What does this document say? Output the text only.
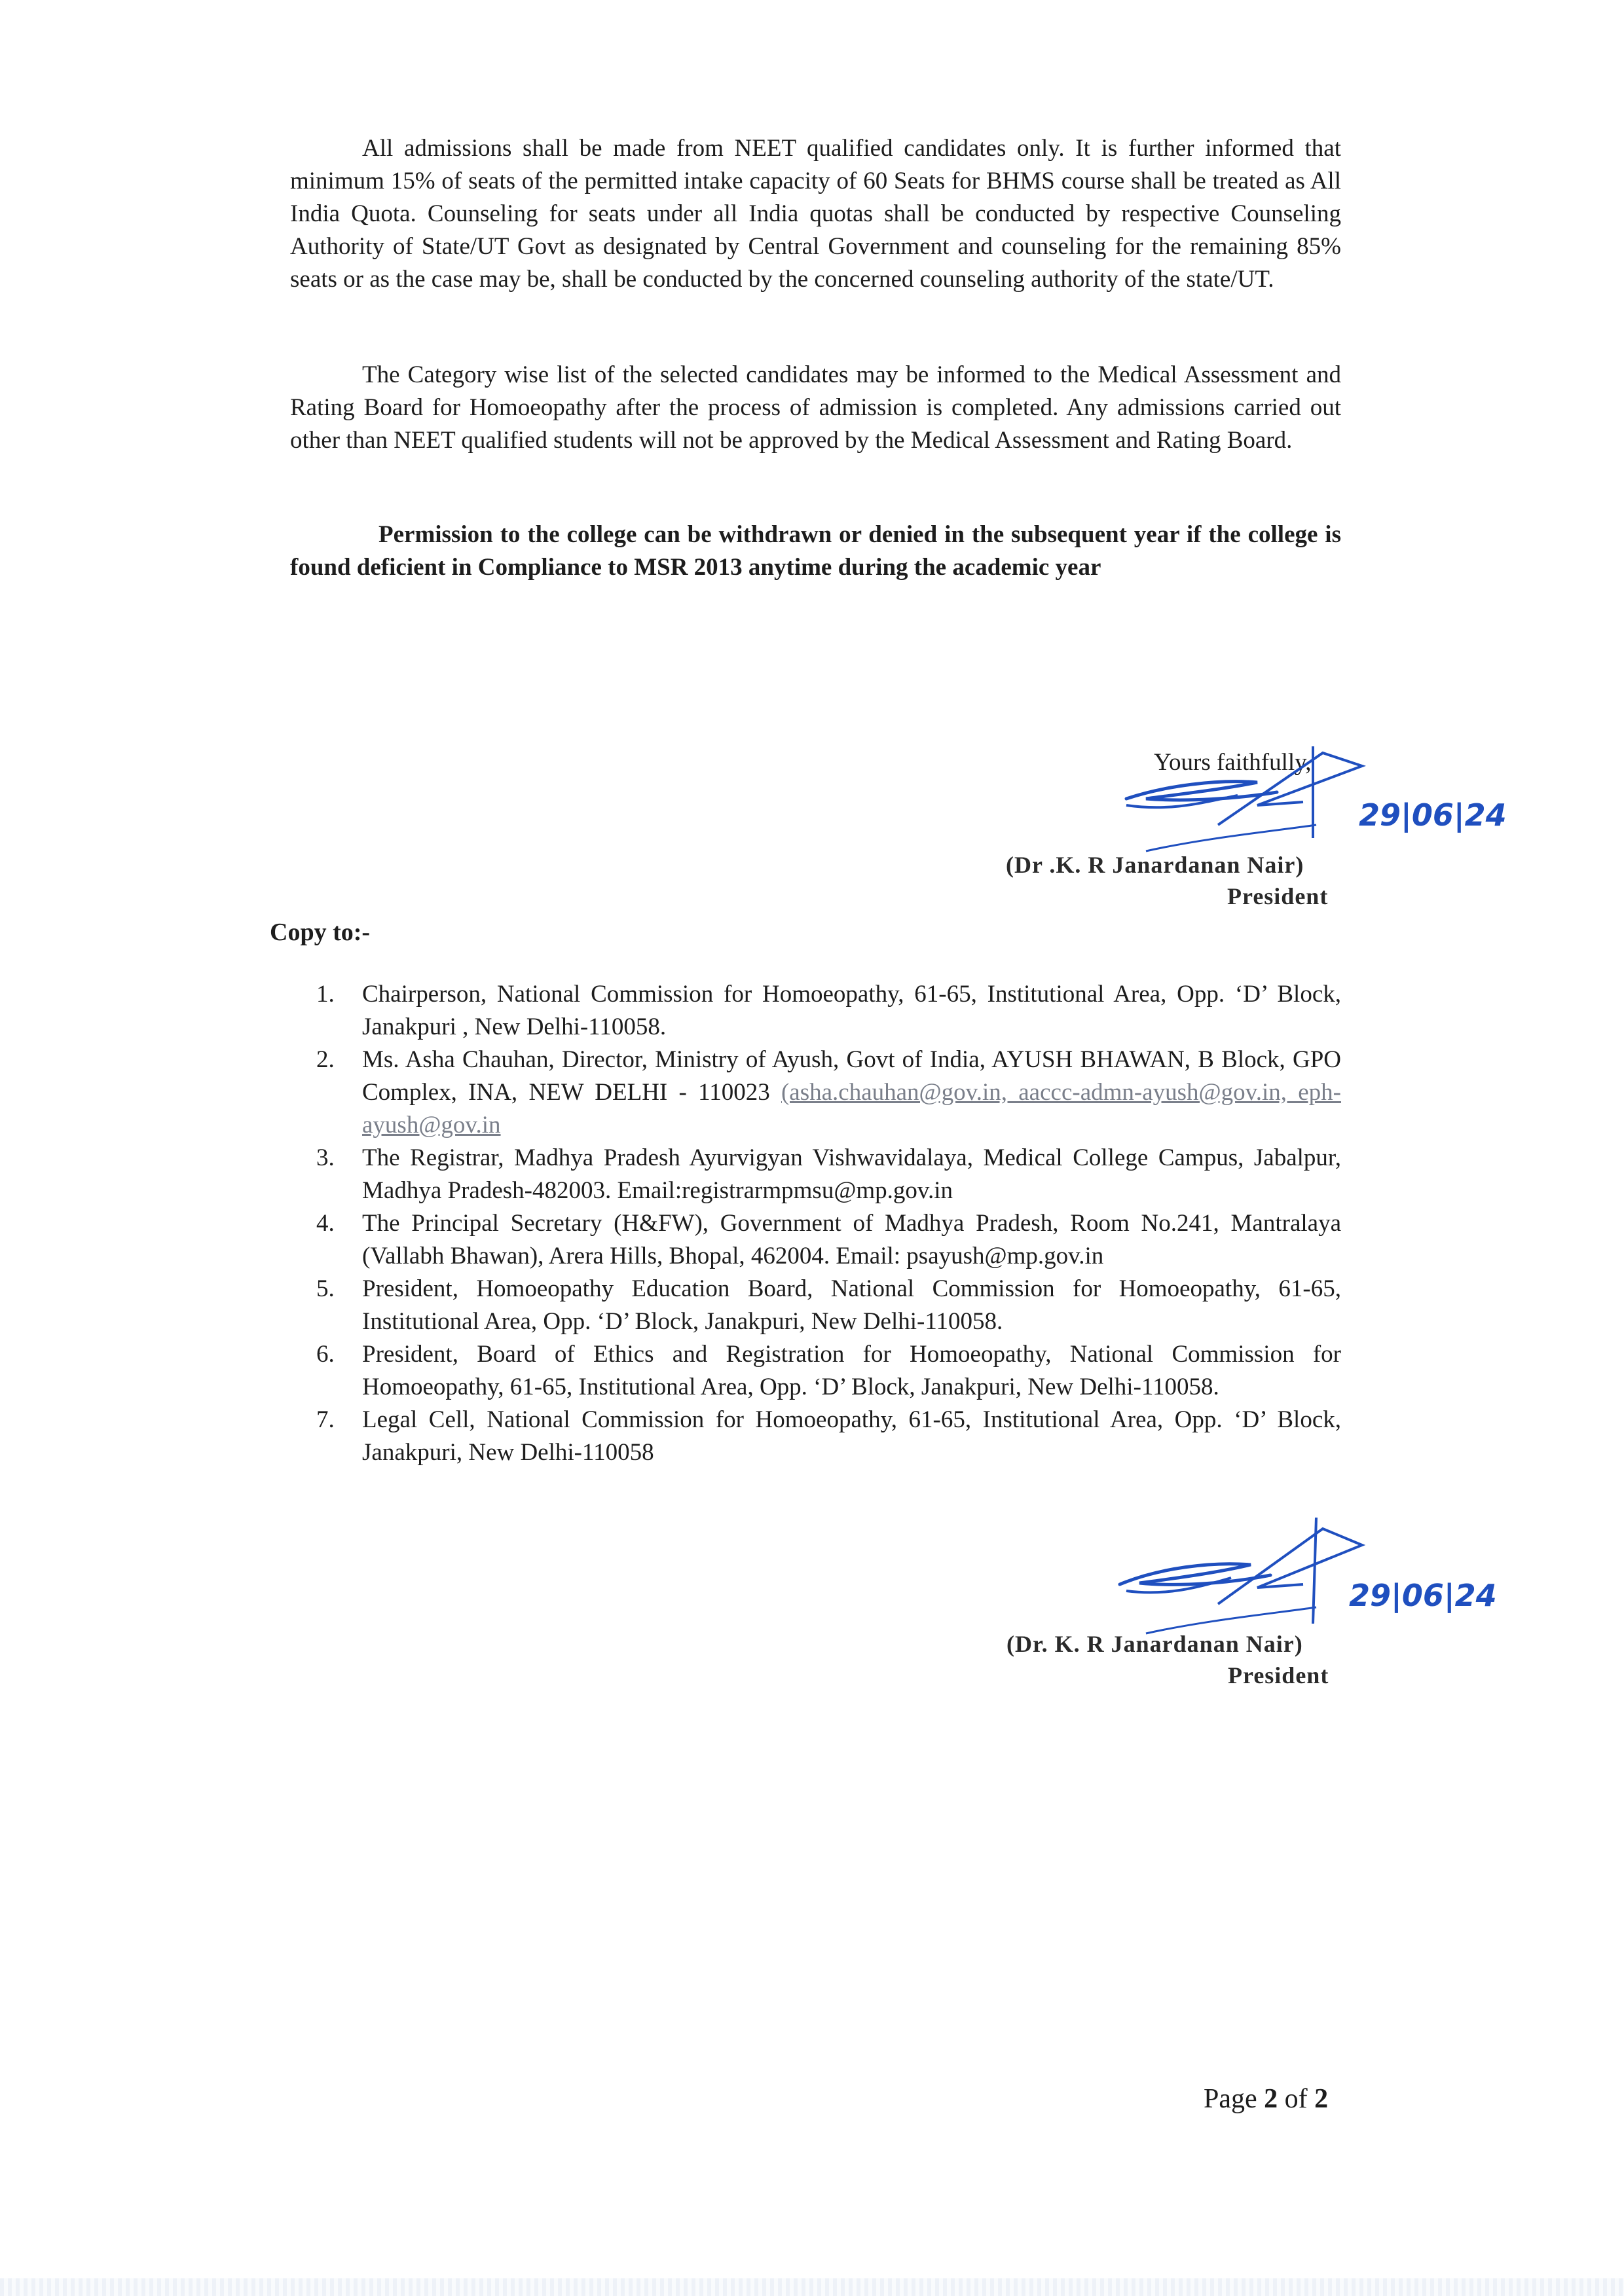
All admissions shall be made from NEET qualified candidates only. It is further informed that minimum 15% of seats of the permitted intake capacity of 60 Seats for BHMS course shall be treated as All India Quota. Counseling for seats under all India quotas shall be conducted by respective Counseling Authority of State/UT Govt as designated by Central Government and counseling for the remaining 85% seats or as the case may be, shall be conducted by the concerned counseling authority of the state/UT.

The Category wise list of the selected candidates may be informed to the Medical Assessment and Rating Board for Homoeopathy after the process of admission is completed. Any admissions carried out other than NEET qualified students will not be approved by the Medical Assessment and Rating Board.

Permission to the college can be withdrawn or denied in the subsequent year if the college is found deficient in Compliance to MSR 2013 anytime during the academic year

Yours faithfully,
29|06|24
(Dr .K. R Janardanan Nair)
President
Copy to:-
1. Chairperson, National Commission for Homoeopathy, 61-65, Institutional Area, Opp. ‘D’ Block, Janakpuri , New Delhi-110058.
2. Ms. Asha Chauhan, Director, Ministry of Ayush, Govt of India, AYUSH BHAWAN, B Block, GPO Complex, INA, NEW DELHI - 110023 (asha.chauhan@gov.in, aaccc-admn-ayush@gov.in, eph-ayush@gov.in
3. The Registrar, Madhya Pradesh Ayurvigyan Vishwavidalaya, Medical College Campus, Jabalpur, Madhya Pradesh-482003. Email:registrarmpmsu@mp.gov.in
4. The Principal Secretary (H&FW), Government of Madhya Pradesh, Room No.241, Mantralaya (Vallabh Bhawan), Arera Hills, Bhopal, 462004. Email: psayush@mp.gov.in
5. President, Homoeopathy Education Board, National Commission for Homoeopathy, 61-65, Institutional Area, Opp. ‘D’ Block, Janakpuri, New Delhi-110058.
6. President, Board of Ethics and Registration for Homoeopathy, National Commission for Homoeopathy, 61-65, Institutional Area, Opp. ‘D’ Block, Janakpuri, New Delhi-110058.
7. Legal Cell, National Commission for Homoeopathy, 61-65, Institutional Area, Opp. ‘D’ Block, Janakpuri, New Delhi-110058
29|06|24
(Dr. K. R Janardanan Nair)
President
Page 2 of 2
